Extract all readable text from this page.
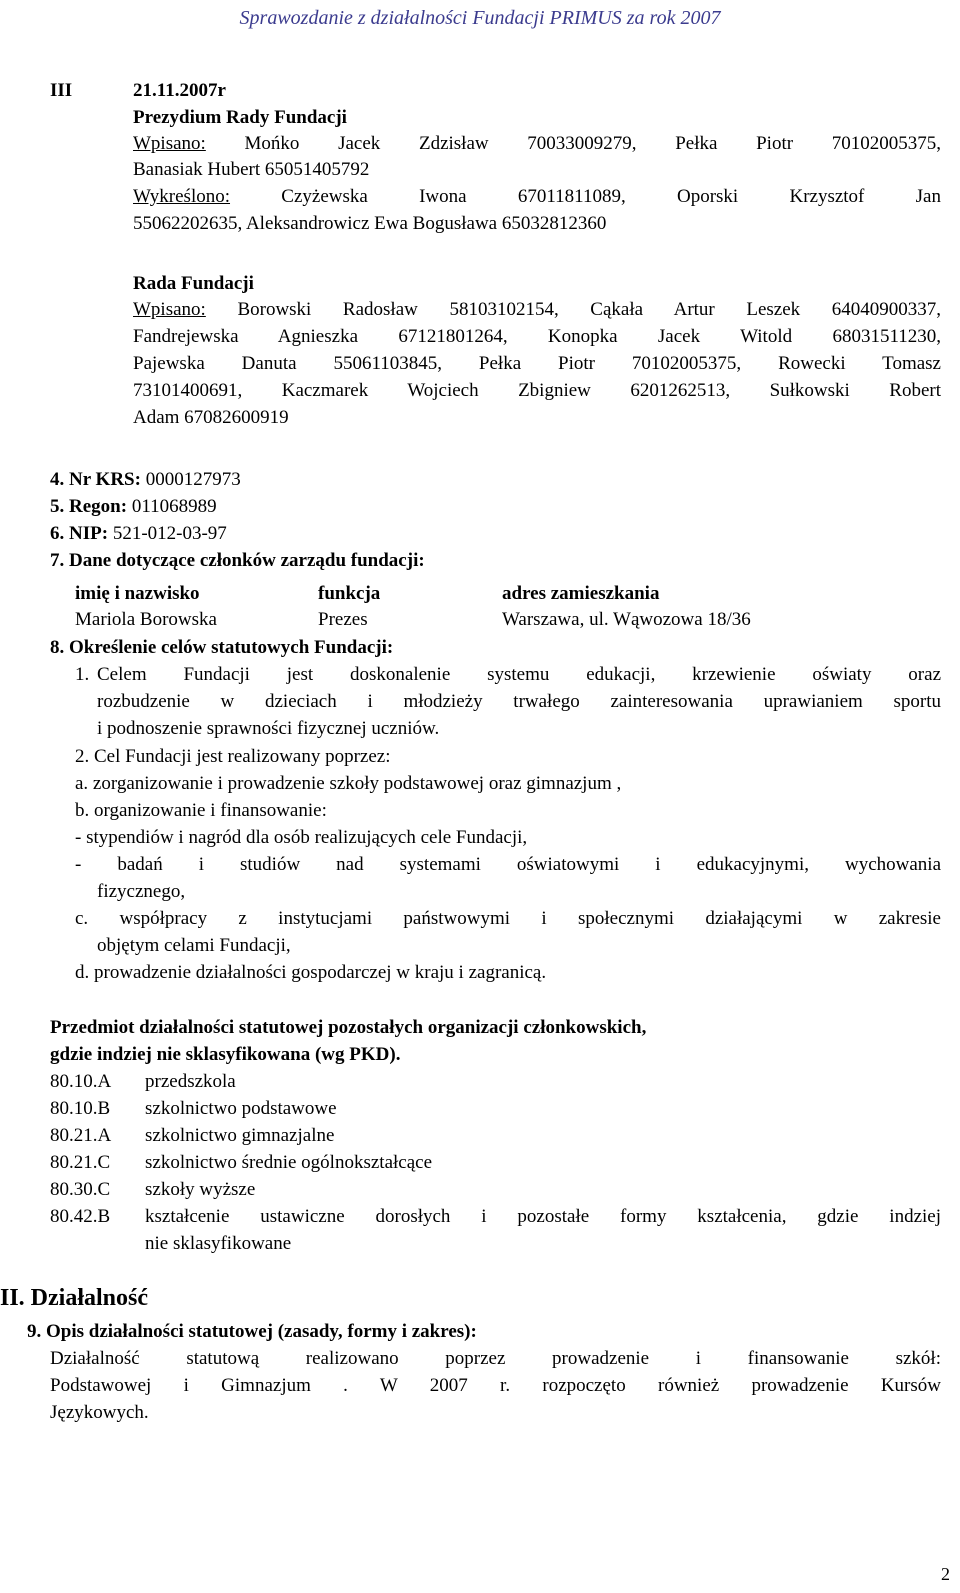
Sprawozdanie z działalności Fundacji PRIMUS za rok 2007
III	21.11.2007r
Prezydium Rady Fundacji
Wpisano: Mońko Jacek Zdzisław 70033009279, Pełka Piotr 70102005375,
Banasiak Hubert 65051405792
Wykreślono:	Czyżewska Iwona 67011811089, Oporski Krzysztof Jan
55062202635, Aleksandrowicz Ewa Bogusława 65032812360
Rada Fundacji
Wpisano: Borowski Radosław 58103102154, Cąkała Artur Leszek 64040900337,
Fandrejewska Agnieszka 67121801264, Konopka Jacek Witold 68031511230,
Pajewska Danuta 55061103845, Pełka Piotr 70102005375, Rowecki Tomasz
73101400691, Kaczmarek Wojciech Zbigniew 6201262513, Sułkowski Robert
Adam 67082600919
4. Nr KRS: 0000127973
5. Regon: 011068989
6. NIP: 521-012-03-97
7. Dane dotyczące członków zarządu fundacji:
imię i nazwisko	funkcja	adres zamieszkania
Mariola Borowska	Prezes	Warszawa, ul. Wąwozowa 18/36
8. Określenie celów statutowych Fundacji:
1. Celem Fundacji jest doskonalenie systemu edukacji, krzewienie oświaty oraz
rozbudzenie w dzieciach i młodzieży trwałego zainteresowania uprawianiem sportu
i podnoszenie sprawności fizycznej uczniów.
2. Cel Fundacji jest realizowany poprzez:
a. zorganizowanie i prowadzenie szkoły podstawowej oraz gimnazjum ,
b. organizowanie i finansowanie:
- stypendiów i nagród dla osób realizujących cele Fundacji,
- badań i studiów nad systemami oświatowymi i edukacyjnymi, wychowania
fizycznego,
c. współpracy z instytucjami państwowymi i społecznymi działającymi w zakresie
objętym celami Fundacji,
d. prowadzenie działalności gospodarczej w kraju i zagranicą.
Przedmiot działalności statutowej pozostałych organizacji członkowskich,
gdzie indziej nie sklasyfikowana (wg PKD).
80.10.A przedszkola
80.10.B szkolnictwo podstawowe
80.21.A szkolnictwo gimnazjalne
80.21.C szkolnictwo średnie ogólnokształcące
80.30.C szkoły wyższe
80.42.B kształcenie ustawiczne dorosłych i pozostałe formy kształcenia, gdzie indziej
nie sklasyfikowane
II. Działalność
9. Opis działalności statutowej (zasady, formy i zakres):
Działalność statutową realizowano poprzez prowadzenie i finansowanie szkół:
Podstawowej i Gimnazjum . W 2007 r. rozpoczęto również prowadzenie Kursów
Językowych.
2
